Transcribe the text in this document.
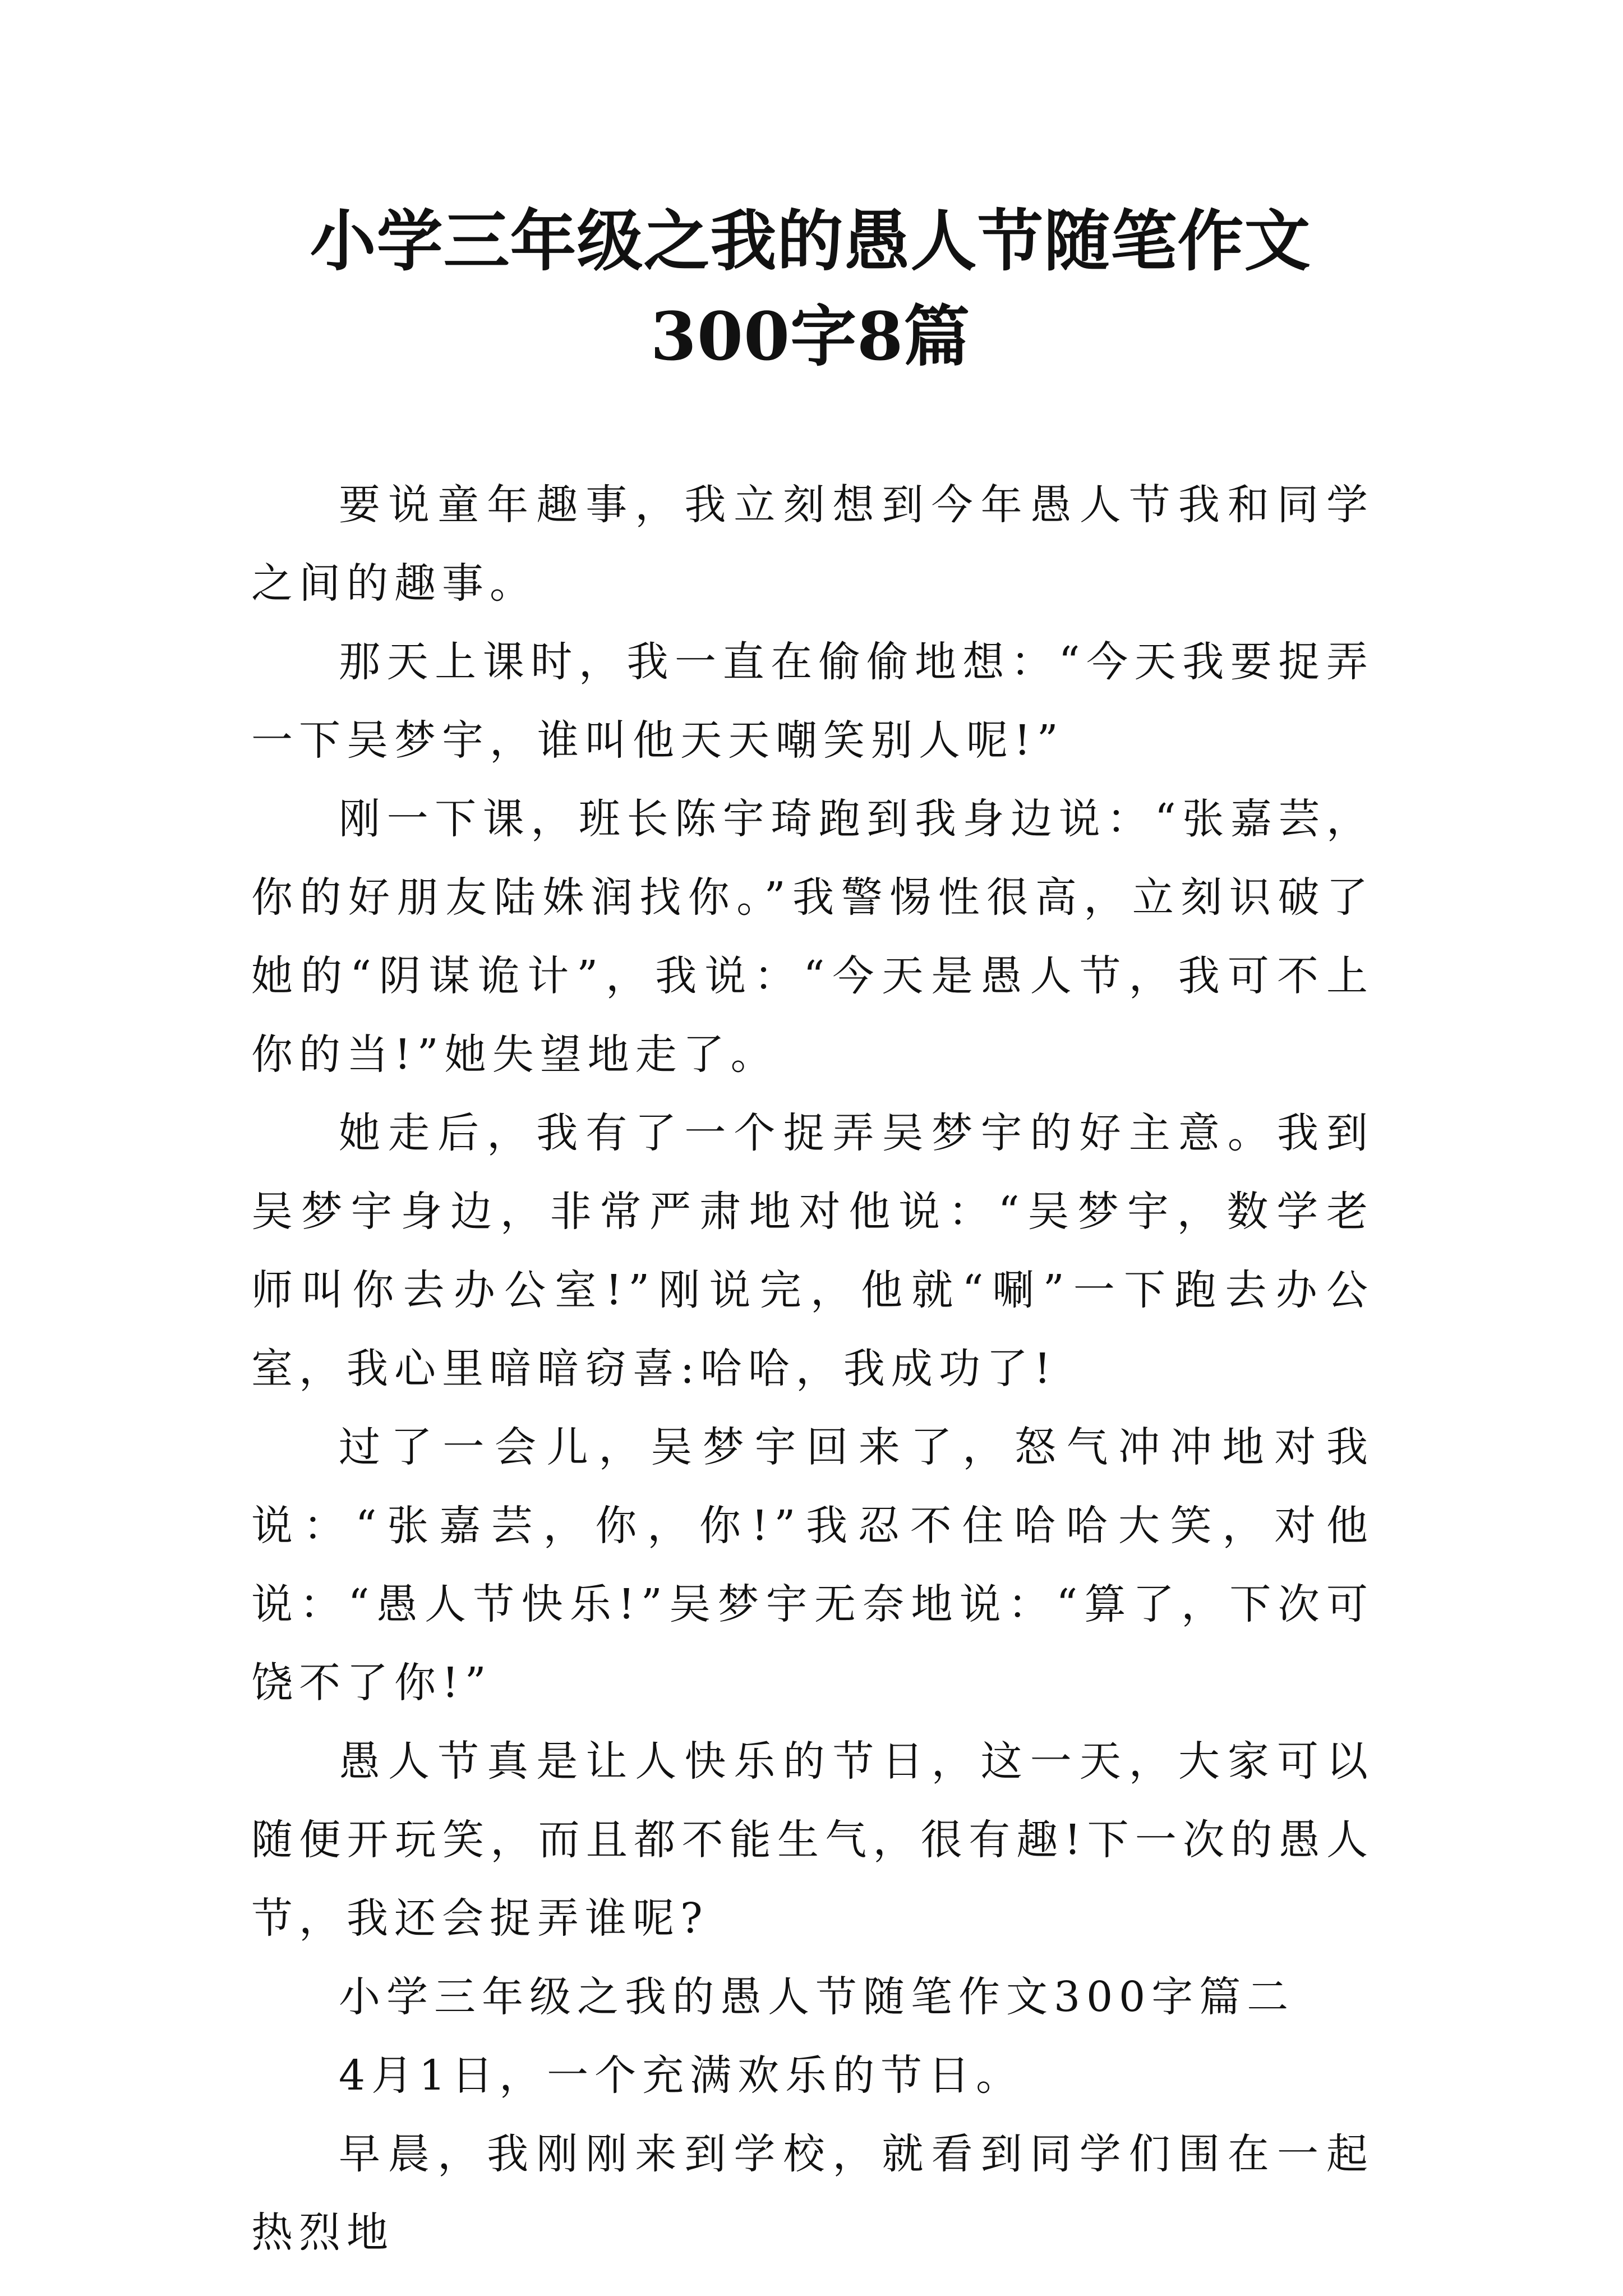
小学三年级之我的愚人节随笔作文300字8篇

要说童年趣事，我立刻想到今年愚人节我和同学之间的趣事。

那天上课时，我一直在偷偷地想：“今天我要捉弄一下吴梦宇，谁叫他天天嘲笑别人呢!”

刚一下课，班长陈宇琦跑到我身边说：“张嘉芸，你的好朋友陆姝润找你。”我警惕性很高，立刻识破了她的“阴谋诡计”，我说：“今天是愚人节，我可不上你的当!”她失望地走了。

她走后，我有了一个捉弄吴梦宇的好主意。我到吴梦宇身边，非常严肃地对他说：“吴梦宇，数学老师叫你去办公室!”刚说完，他就“唰”一下跑去办公室，我心里暗暗窃喜:哈哈，我成功了!

过了一会儿，吴梦宇回来了，怒气冲冲地对我说：“张嘉芸，你，你!”我忍不住哈哈大笑，对他说：“愚人节快乐!”吴梦宇无奈地说：“算了，下次可饶不了你!”

愚人节真是让人快乐的节日，这一天，大家可以随便开玩笑，而且都不能生气，很有趣!下一次的愚人节，我还会捉弄谁呢?

小学三年级之我的愚人节随笔作文300字篇二

4月1日，一个充满欢乐的节日。

早晨，我刚刚来到学校，就看到同学们围在一起热烈地
